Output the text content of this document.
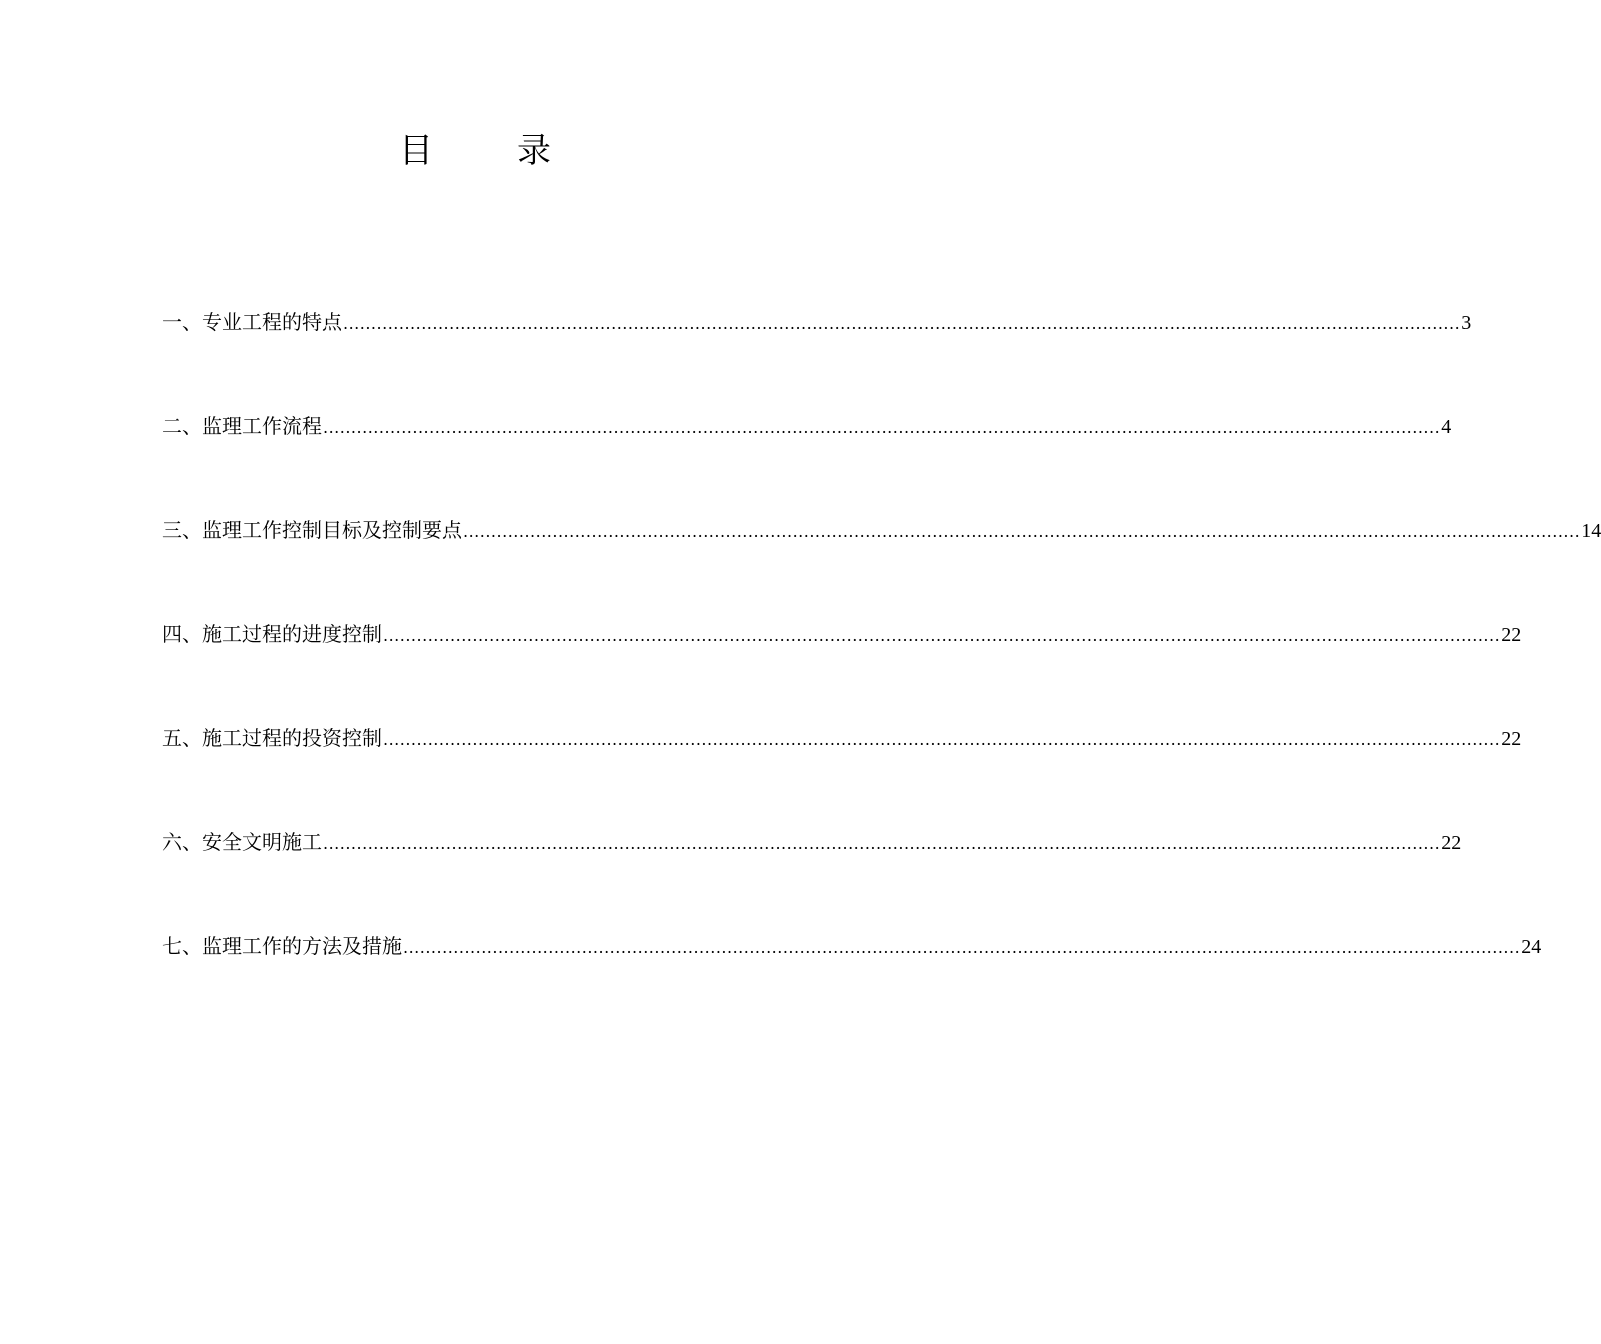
目 录
一、专业工程的特点 ........................................................................................................................................................................................................ 3
二、监理工作流程 ........................................................................................................................................................................................................ 4
三、监理工作控制目标及控制要点 ........................................................................................................................................................................................................ 14
四、施工过程的进度控制 ........................................................................................................................................................................................................ 22
五、施工过程的投资控制 ........................................................................................................................................................................................................ 22
六、安全文明施工 ........................................................................................................................................................................................................ 22
七、监理工作的方法及措施 ........................................................................................................................................................................................................ 24
